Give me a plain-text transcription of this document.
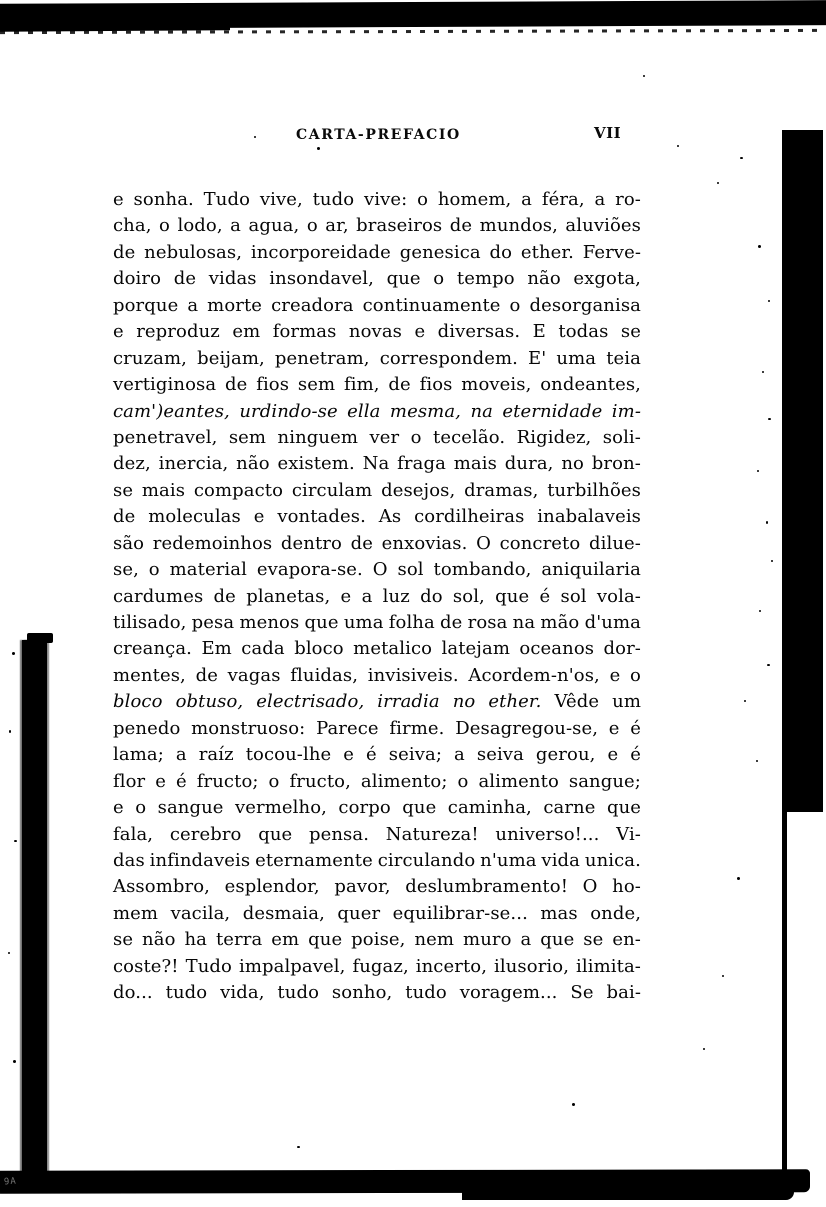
CARTA-PREFACIO	VII
e sonha. Tudo vive, tudo vive: o homem, a féra, a ro-
cha, o lodo, a agua, o ar, braseiros de mundos, aluviões
de nebulosas, incorporeidade genesica do ether. Ferve-
doiro de vidas insondavel, que o tempo não exgota,
porque a morte creadora continuamente o desorganisa
e reproduz em formas novas e diversas. E todas se
cruzam, beijam, penetram, correspondem. E' uma teia
vertiginosa de fios sem fim, de fios moveis, ondeantes,
cam')eantes, urdindo-se ella mesma, na eternidade im-
penetravel, sem ninguem ver o tecelão. Rigidez, soli-
dez, inercia, não existem. Na fraga mais dura, no bron-
se mais compacto circulam desejos, dramas, turbilhões
de moleculas e vontades. As cordilheiras inabalaveis
são redemoinhos dentro de enxovias. O concreto dilue-
se, o material evapora-se. O sol tombando, aniquilaria
cardumes de planetas, e a luz do sol, que é sol vola-
tilisado, pesa menos que uma folha de rosa na mão d'uma
creança. Em cada bloco metalico latejam oceanos dor-
mentes, de vagas fluidas, invisiveis. Acordem-n'os, e o
bloco obtuso, electrisado, irradia no ether. Vêde um
penedo monstruoso: Parece firme. Desagregou-se, e é
lama; a raíz tocou-lhe e é seiva; a seiva gerou, e é
flor e é fructo; o fructo, alimento; o alimento sangue;
e o sangue vermelho, corpo que caminha, carne que
fala, cerebro que pensa. Natureza! universo!... Vi-
das infindaveis eternamente circulando n'uma vida unica.
Assombro, esplendor, pavor, deslumbramento! O ho-
mem vacila, desmaia, quer equilibrar-se... mas onde,
se não ha terra em que poise, nem muro a que se en-
coste?! Tudo impalpavel, fugaz, incerto, ilusorio, ilimita-
do... tudo vida, tudo sonho, tudo voragem... Se bai-
9A
